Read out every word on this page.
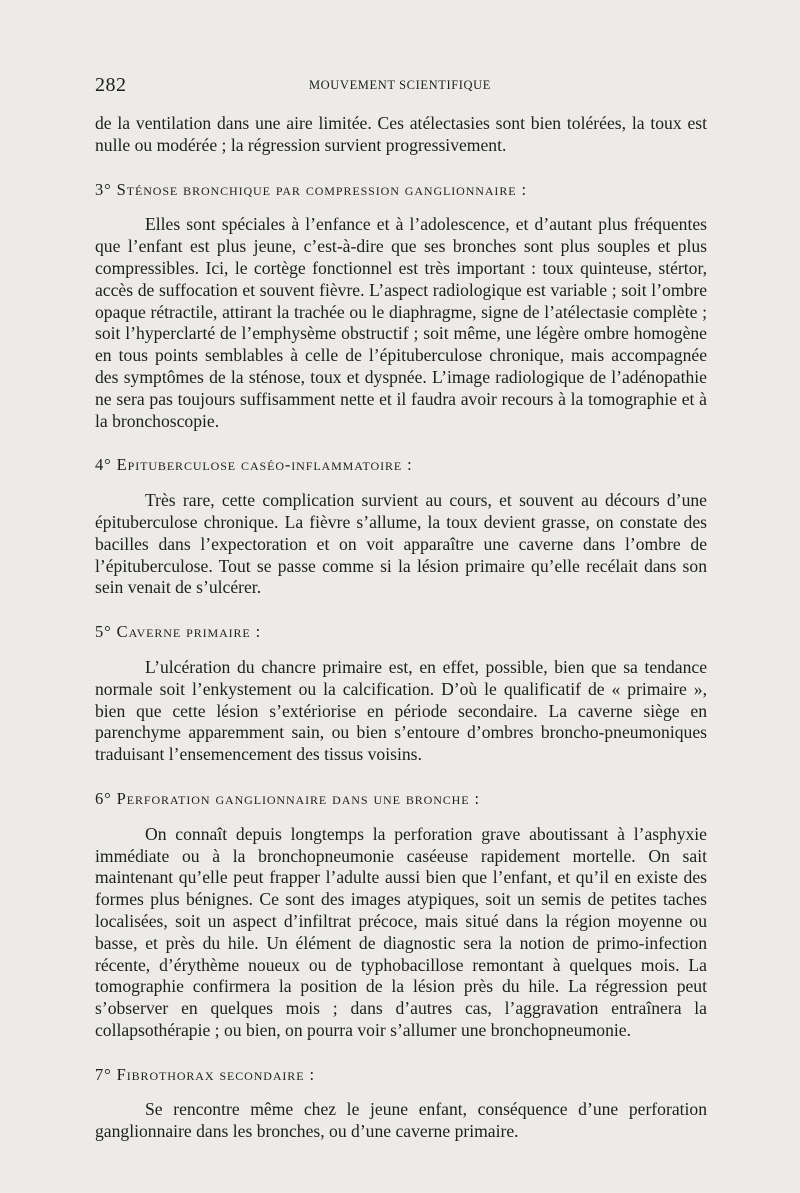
282	MOUVEMENT SCIENTIFIQUE

de la ventilation dans une aire limitée. Ces atélectasies sont bien tolérées, la toux est nulle ou modérée ; la régression survient progressivement.

3° Sténose bronchique par compression ganglionnaire :

Elles sont spéciales à l’enfance et à l’adolescence, et d’autant plus fréquentes que l’enfant est plus jeune, c’est-à-dire que ses bronches sont plus souples et plus compressibles. Ici, le cortège fonctionnel est très important : toux quinteuse, stértor, accès de suffocation et souvent fièvre. L’aspect radiologique est variable ; soit l’ombre opaque rétractile, attirant la trachée ou le diaphragme, signe de l’atélectasie complète ; soit l’hyperclarté de l’emphysème obstructif ; soit même, une légère ombre homogène en tous points semblables à celle de l’épituberculose chronique, mais accompagnée des symptômes de la sténose, toux et dyspnée. L’image radiologique de l’adénopathie ne sera pas toujours suffisamment nette et il faudra avoir recours à la tomographie et à la bronchoscopie.

4° Epituberculose caséo-inflammatoire :

Très rare, cette complication survient au cours, et souvent au décours d’une épituberculose chronique. La fièvre s’allume, la toux devient grasse, on constate des bacilles dans l’expectoration et on voit apparaître une caverne dans l’ombre de l’épituberculose. Tout se passe comme si la lésion primaire qu’elle recélait dans son sein venait de s’ulcérer.

5° Caverne primaire :

L’ulcération du chancre primaire est, en effet, possible, bien que sa tendance normale soit l’enkystement ou la calcification. D’où le qualificatif de « primaire », bien que cette lésion s’extériorise en période secondaire. La caverne siège en parenchyme apparemment sain, ou bien s’entoure d’ombres broncho-pneumoniques traduisant l’ensemencement des tissus voisins.

6° Perforation ganglionnaire dans une bronche :

On connaît depuis longtemps la perforation grave aboutissant à l’asphyxie immédiate ou à la bronchopneumonie caséeuse rapidement mortelle. On sait maintenant qu’elle peut frapper l’adulte aussi bien que l’enfant, et qu’il en existe des formes plus bénignes. Ce sont des images atypiques, soit un semis de petites taches localisées, soit un aspect d’infiltrat précoce, mais situé dans la région moyenne ou basse, et près du hile. Un élément de diagnostic sera la notion de primo-infection récente, d’érythème noueux ou de typhobacillose remontant à quelques mois. La tomographie confirmera la position de la lésion près du hile. La régression peut s’observer en quelques mois ; dans d’autres cas, l’aggravation entraînera la collapsothérapie ; ou bien, on pourra voir s’allumer une bronchopneumonie.

7° Fibrothorax secondaire :

Se rencontre même chez le jeune enfant, conséquence d’une perforation ganglionnaire dans les bronches, ou d’une caverne primaire.
